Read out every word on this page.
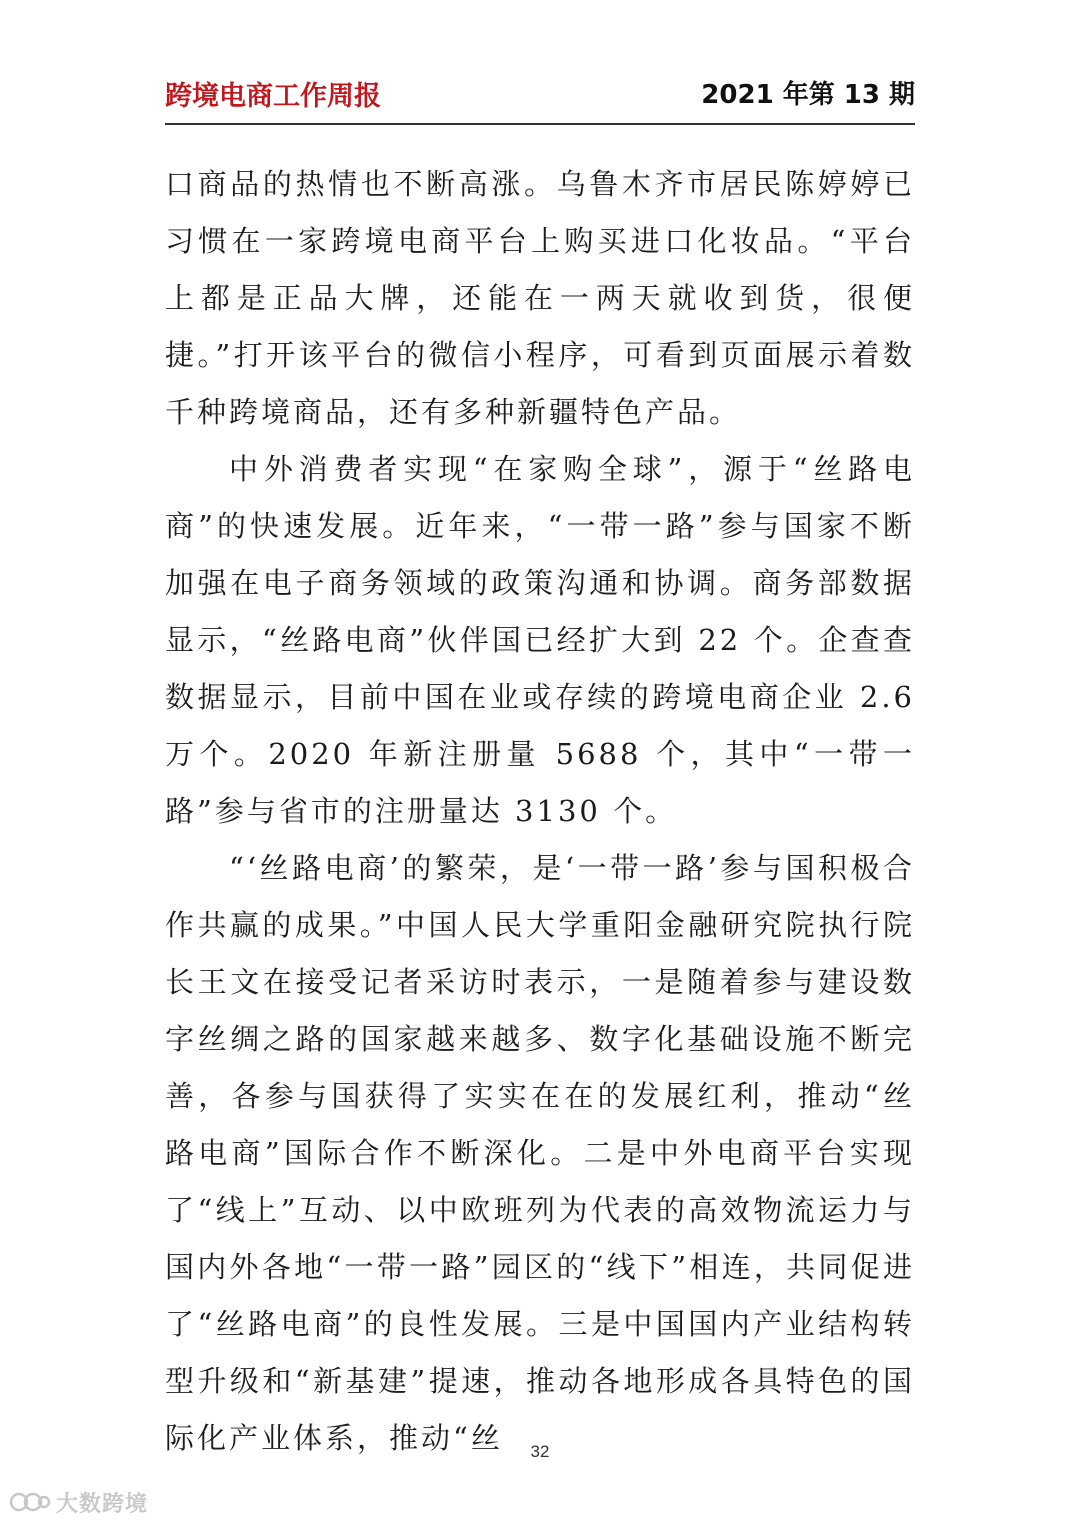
跨境电商工作周报	2021 年第 13 期

口商品的热情也不断高涨。乌鲁木齐市居民陈婷婷已习惯在一家跨境电商平台上购买进口化妆品。“平台上都是正品大牌，还能在一两天就收到货，很便捷。”打开该平台的微信小程序，可看到页面展示着数千种跨境商品，还有多种新疆特色产品。

中外消费者实现“在家购全球”，源于“丝路电商”的快速发展。近年来，“一带一路”参与国家不断加强在电子商务领域的政策沟通和协调。商务部数据显示，“丝路电商”伙伴国已经扩大到 22 个。企查查数据显示，目前中国在业或存续的跨境电商企业 2.6 万个。2020 年新注册量 5688 个，其中“一带一路”参与省市的注册量达 3130 个。

“‘丝路电商’的繁荣，是‘一带一路’参与国积极合作共赢的成果。”中国人民大学重阳金融研究院执行院长王文在接受记者采访时表示，一是随着参与建设数字丝绸之路的国家越来越多、数字化基础设施不断完善，各参与国获得了实实在在的发展红利，推动“丝路电商”国际合作不断深化。二是中外电商平台实现了“线上”互动、以中欧班列为代表的高效物流运力与国内外各地“一带一路”园区的“线下”相连，共同促进了“丝路电商”的良性发展。三是中国国内产业结构转型升级和“新基建”提速，推动各地形成各具特色的国际化产业体系，推动“丝	32
大数跨境
